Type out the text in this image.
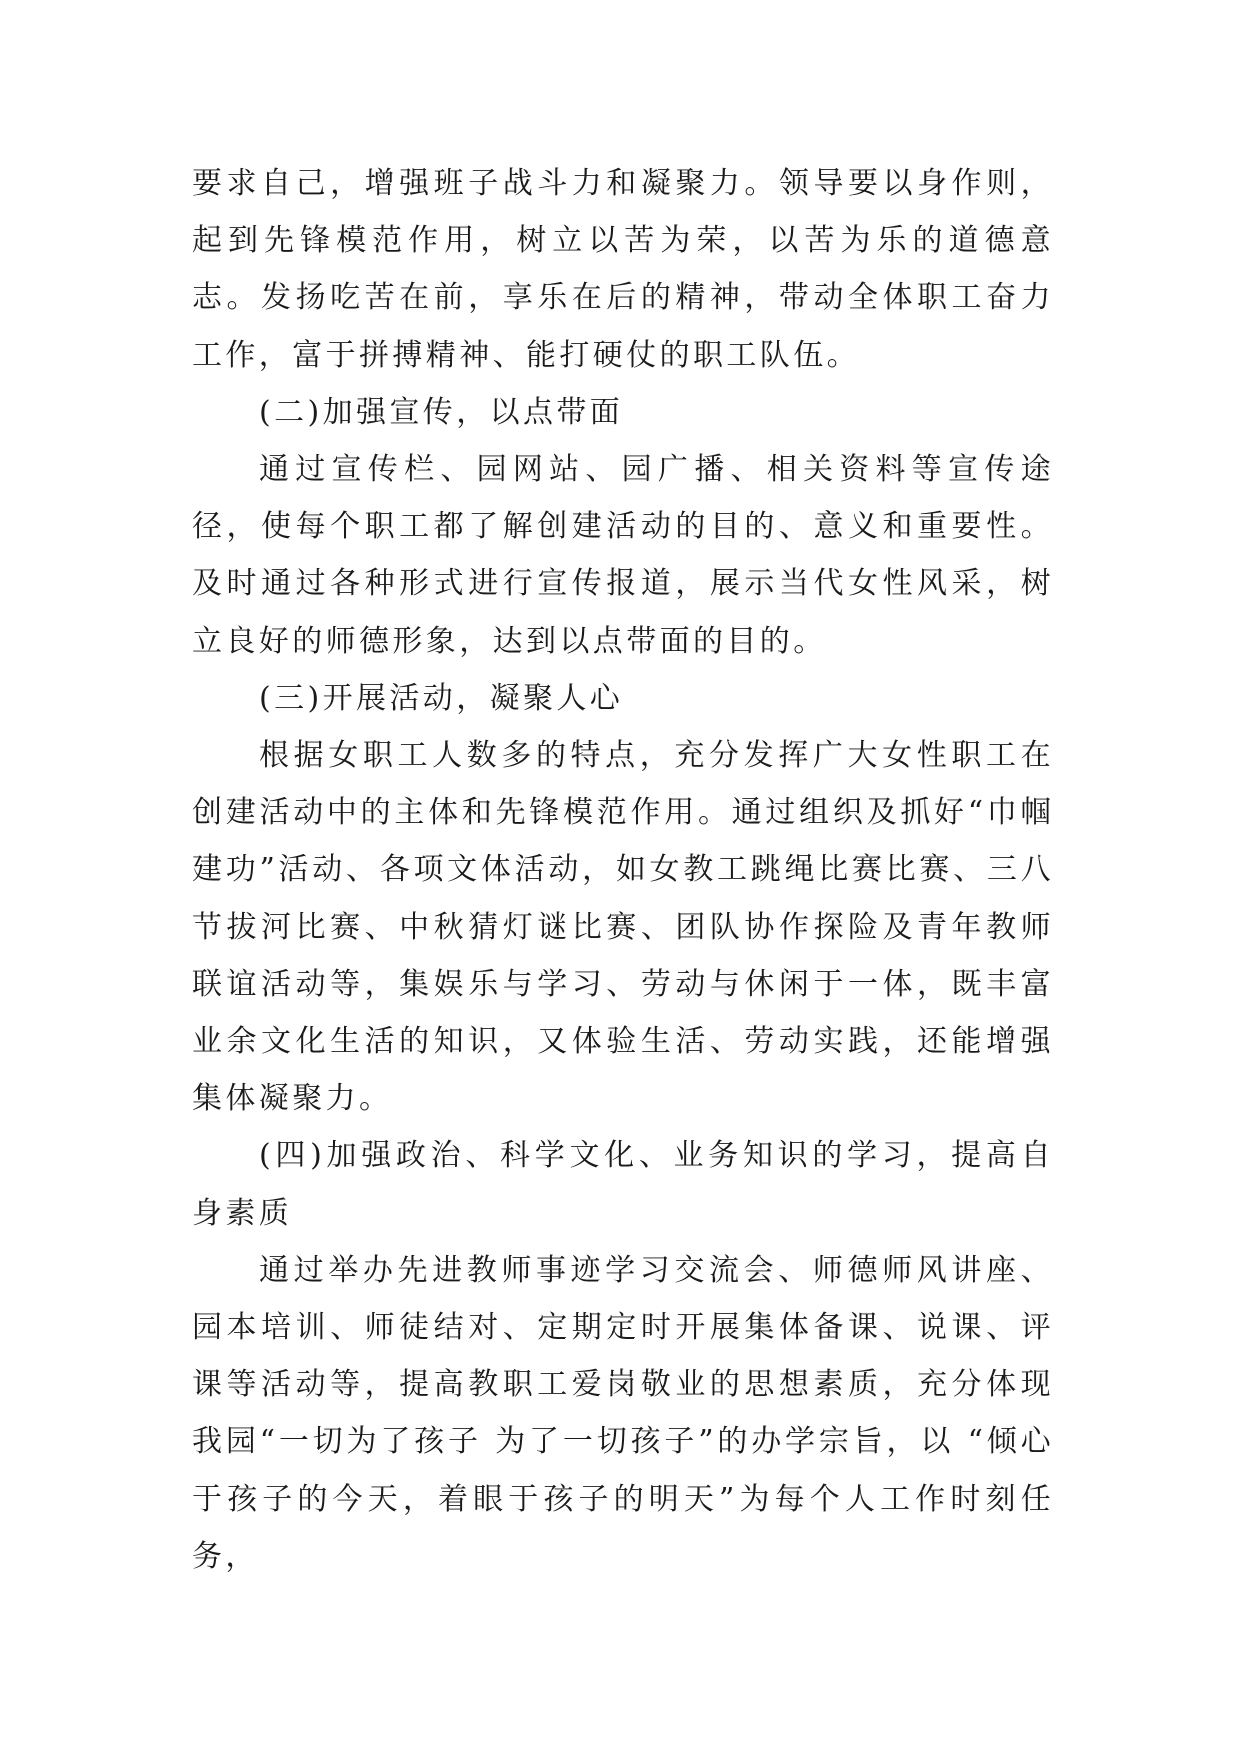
要求自己，增强班子战斗力和凝聚力。领导要以身作则，起到先锋模范作用，树立以苦为荣，以苦为乐的道德意志。发扬吃苦在前，享乐在后的精神，带动全体职工奋力工作，富于拼搏精神、能打硬仗的职工队伍。

(二)加强宣传，以点带面

通过宣传栏、园网站、园广播、相关资料等宣传途径，使每个职工都了解创建活动的目的、意义和重要性。及时通过各种形式进行宣传报道，展示当代女性风采，树立良好的师德形象，达到以点带面的目的。

(三)开展活动，凝聚人心

根据女职工人数多的特点，充分发挥广大女性职工在创建活动中的主体和先锋模范作用。通过组织及抓好“巾帼建功”活动、各项文体活动，如女教工跳绳比赛比赛、三八节拔河比赛、中秋猜灯谜比赛、团队协作探险及青年教师联谊活动等，集娱乐与学习、劳动与休闲于一体，既丰富业余文化生活的知识，又体验生活、劳动实践，还能增强集体凝聚力。

(四)加强政治、科学文化、业务知识的学习，提高自身素质

通过举办先进教师事迹学习交流会、师德师风讲座、园本培训、师徒结对、定期定时开展集体备课、说课、评课等活动等，提高教职工爱岗敬业的思想素质，充分体现我园“一切为了孩子 为了一切孩子”的办学宗旨，以 “倾心于孩子的今天，着眼于孩子的明天”为每个人工作时刻任务，
